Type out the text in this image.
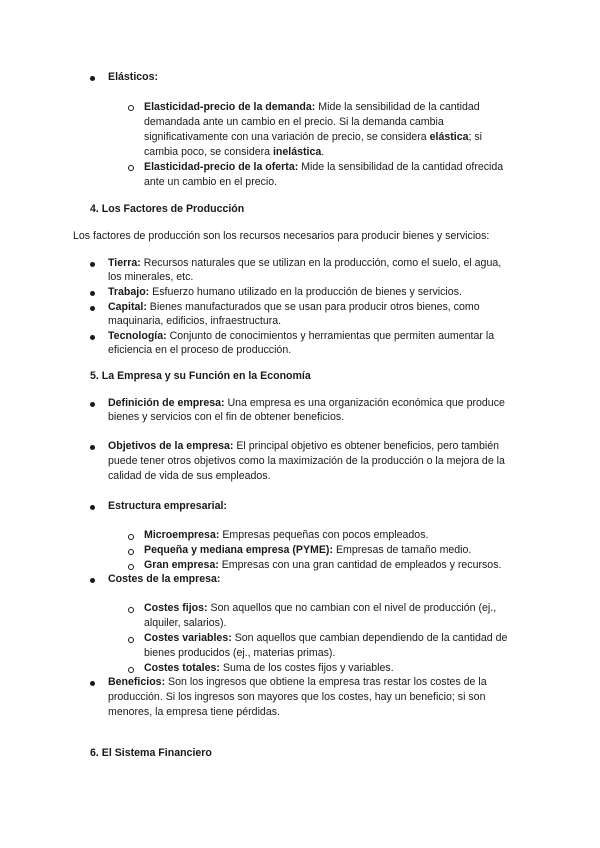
Elásticos:
Elasticidad-precio de la demanda: Mide la sensibilidad de la cantidad
demandada ante un cambio en el precio. Si la demanda cambia
significativamente con una variación de precio, se considera elástica; si
cambia poco, se considera inelástica.
Elasticidad-precio de la oferta: Mide la sensibilidad de la cantidad ofrecida
ante un cambio en el precio.
4. Los Factores de Producción
Los factores de producción son los recursos necesarios para producir bienes y servicios:
Tierra: Recursos naturales que se utilizan en la producción, como el suelo, el agua,
los minerales, etc.
Trabajo: Esfuerzo humano utilizado en la producción de bienes y servicios.
Capital: Bienes manufacturados que se usan para producir otros bienes, como
maquinaria, edificios, infraestructura.
Tecnología: Conjunto de conocimientos y herramientas que permiten aumentar la
eficiencia en el proceso de producción.
5. La Empresa y su Función en la Economía
Definición de empresa: Una empresa es una organización económica que produce
bienes y servicios con el fin de obtener beneficios.
Objetivos de la empresa: El principal objetivo es obtener beneficios, pero también
puede tener otros objetivos como la maximización de la producción o la mejora de la
calidad de vida de sus empleados.
Estructura empresarial:
Microempresa: Empresas pequeñas con pocos empleados.
Pequeña y mediana empresa (PYME): Empresas de tamaño medio.
Gran empresa: Empresas con una gran cantidad de empleados y recursos.
Costes de la empresa:
Costes fijos: Son aquellos que no cambian con el nivel de producción (ej.,
alquiler, salarios).
Costes variables: Son aquellos que cambian dependiendo de la cantidad de
bienes producidos (ej., materias primas).
Costes totales: Suma de los costes fijos y variables.
Beneficios: Son los ingresos que obtiene la empresa tras restar los costes de la
producción. Si los ingresos son mayores que los costes, hay un beneficio; si son
menores, la empresa tiene pérdidas.
6. El Sistema Financiero
